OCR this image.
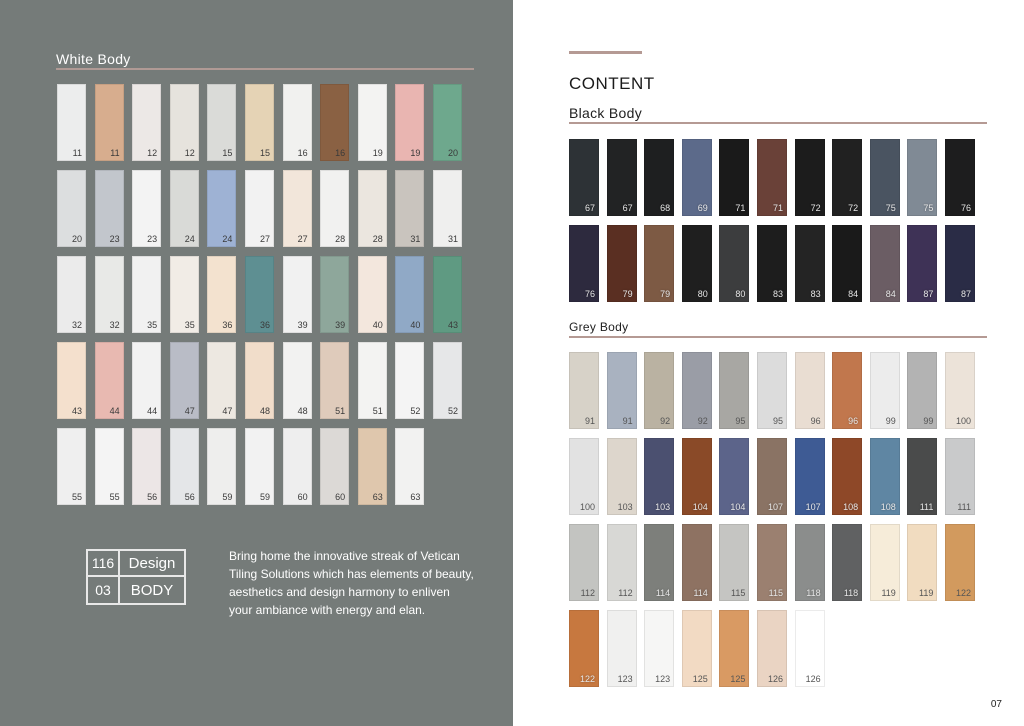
White Body
11	11	12	12	15	15	16	16	19	19	20
20	23	23	24	24	27	27	28	28	31	31
32	32	35	35	36	36	39	39	40	40	43
43	44	44	47	47	48	48	51	51	52	52
55	55	56	56	59	59	60	60	63	63
116 Design
03	BODY
Bring home the innovative streak of Vetican Tiling Solutions which has elements of beauty, aesthetics and design harmony to enliven your ambiance with energy and elan.
CONTENT
Black Body
67	67	68	69	71	71	72	72	75	75	76
76	79	79	80	80	83	83	84	84	87	87
Grey Body
91	91	92	92	95	95	96	96	99	99	100
100	103	103	104	104	107	107	108	108	111	111
112	112	114	114	115	115	118	118	119	119	122
122	123	123	125	125	126	126
07
